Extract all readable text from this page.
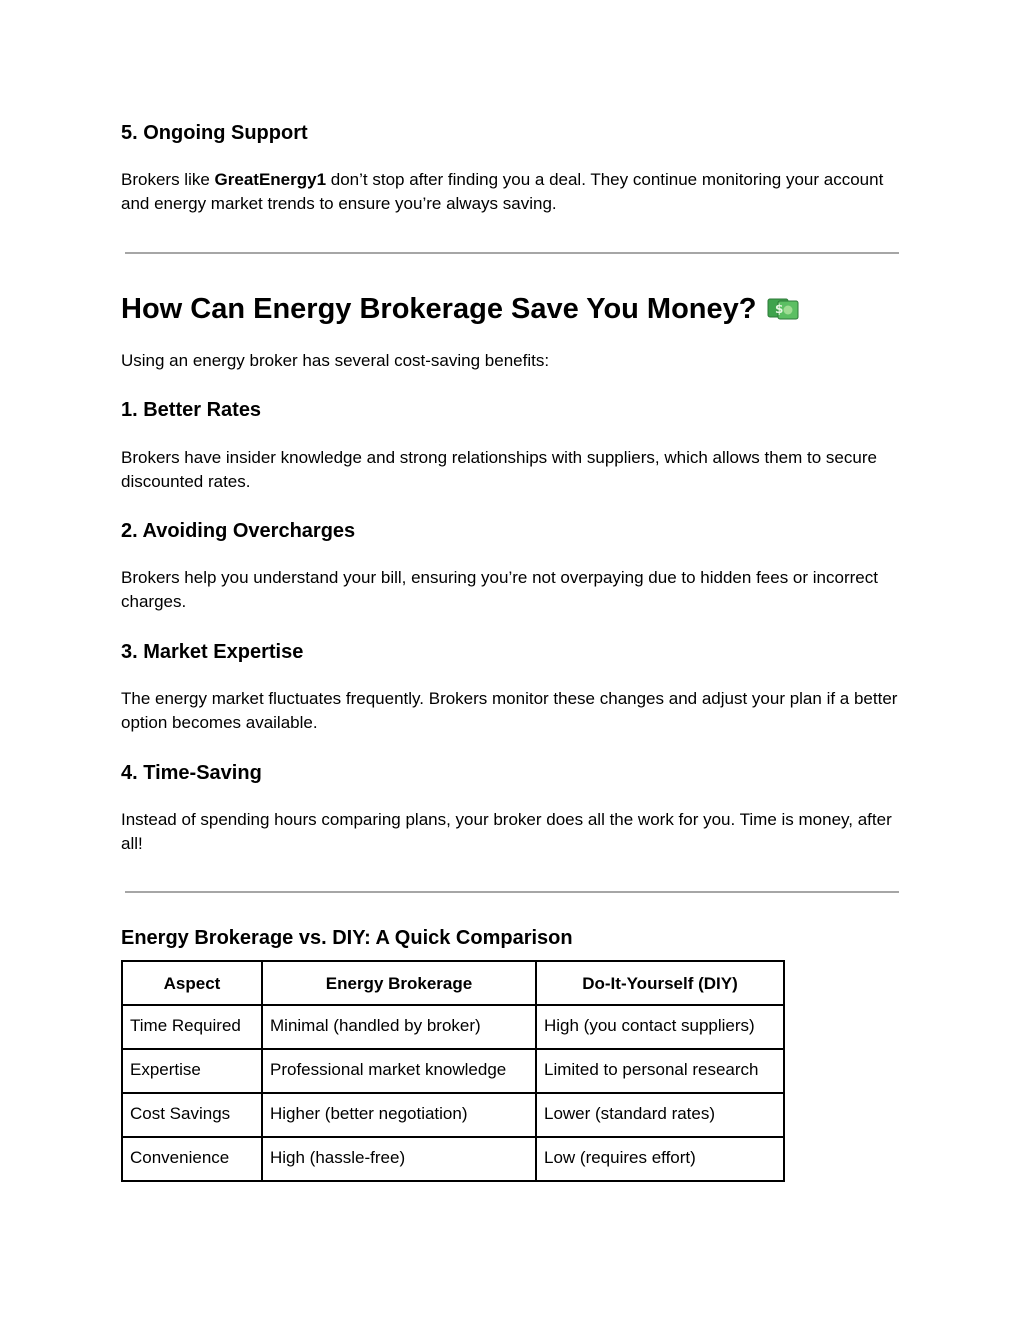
5. Ongoing Support

Brokers like GreatEnergy1 don’t stop after finding you a deal. They continue monitoring your account and energy market trends to ensure you’re always saving.

How Can Energy Brokerage Save You Money? $

Using an energy broker has several cost-saving benefits:

1. Better Rates

Brokers have insider knowledge and strong relationships with suppliers, which allows them to secure discounted rates.

2. Avoiding Overcharges

Brokers help you understand your bill, ensuring you’re not overpaying due to hidden fees or incorrect charges.

3. Market Expertise

The energy market fluctuates frequently. Brokers monitor these changes and adjust your plan if a better option becomes available.

4. Time-Saving

Instead of spending hours comparing plans, your broker does all the work for you. Time is money, after all!

Energy Brokerage vs. DIY: A Quick Comparison
Aspect	Energy Brokerage	Do-It-Yourself (DIY)
Time Required	Minimal (handled by broker)	High (you contact suppliers)
Expertise	Professional market knowledge	Limited to personal research
Cost Savings	Higher (better negotiation)	Lower (standard rates)
Convenience	High (hassle-free)	Low (requires effort)
